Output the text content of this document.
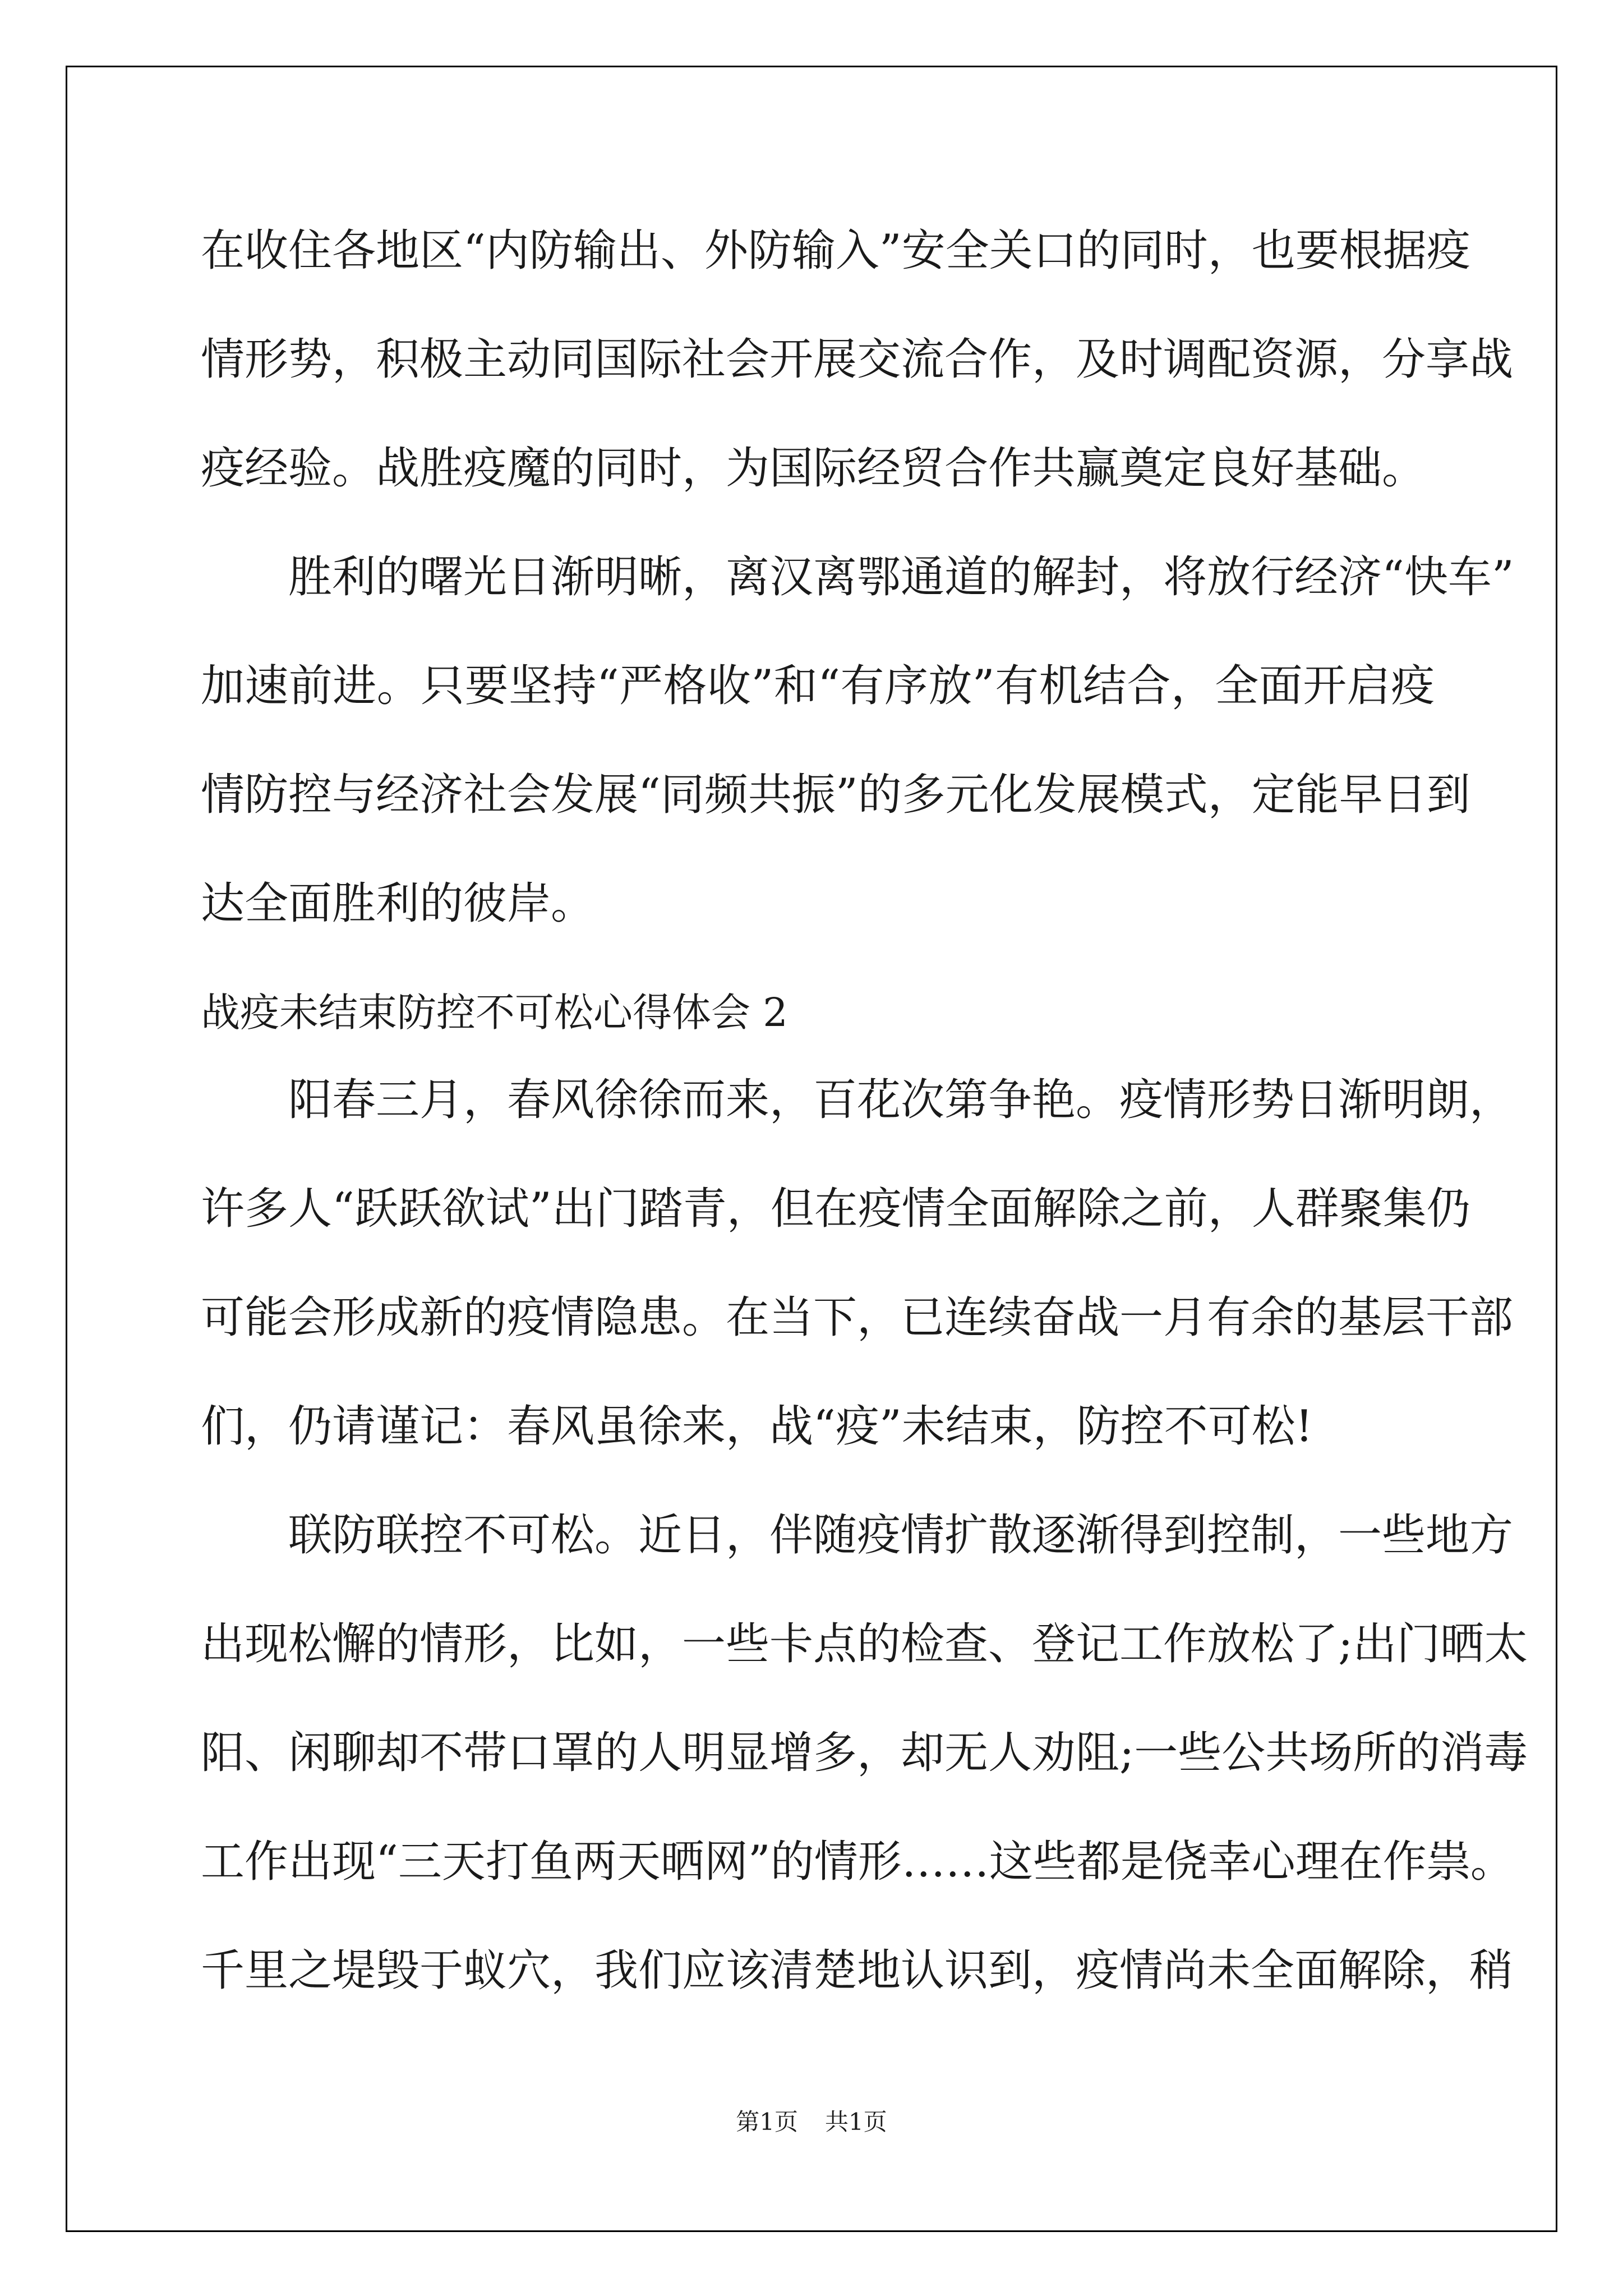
在收住各地区“内防输出、外防输入”安全关口的同时，也要根据疫
情形势，积极主动同国际社会开展交流合作，及时调配资源，分享战
疫经验。战胜疫魔的同时，为国际经贸合作共赢奠定良好基础。
胜利的曙光日渐明晰，离汉离鄂通道的解封，将放行经济“快车”
加速前进。只要坚持“严格收”和“有序放”有机结合，全面开启疫
情防控与经济社会发展“同频共振”的多元化发展模式，定能早日到
达全面胜利的彼岸。
战疫未结束防控不可松心得体会 2
阳春三月，春风徐徐而来，百花次第争艳。疫情形势日渐明朗，
许多人“跃跃欲试”出门踏青，但在疫情全面解除之前，人群聚集仍
可能会形成新的疫情隐患。在当下，已连续奋战一月有余的基层干部
们，仍请谨记：春风虽徐来，战“疫”未结束，防控不可松!
联防联控不可松。近日，伴随疫情扩散逐渐得到控制，一些地方
出现松懈的情形，比如，一些卡点的检查、登记工作放松了;出门晒太
阳、闲聊却不带口罩的人明显增多，却无人劝阻;一些公共场所的消毒
工作出现“三天打鱼两天晒网”的情形……这些都是侥幸心理在作祟。
千里之堤毁于蚁穴，我们应该清楚地认识到，疫情尚未全面解除，稍
第1页 共1页
